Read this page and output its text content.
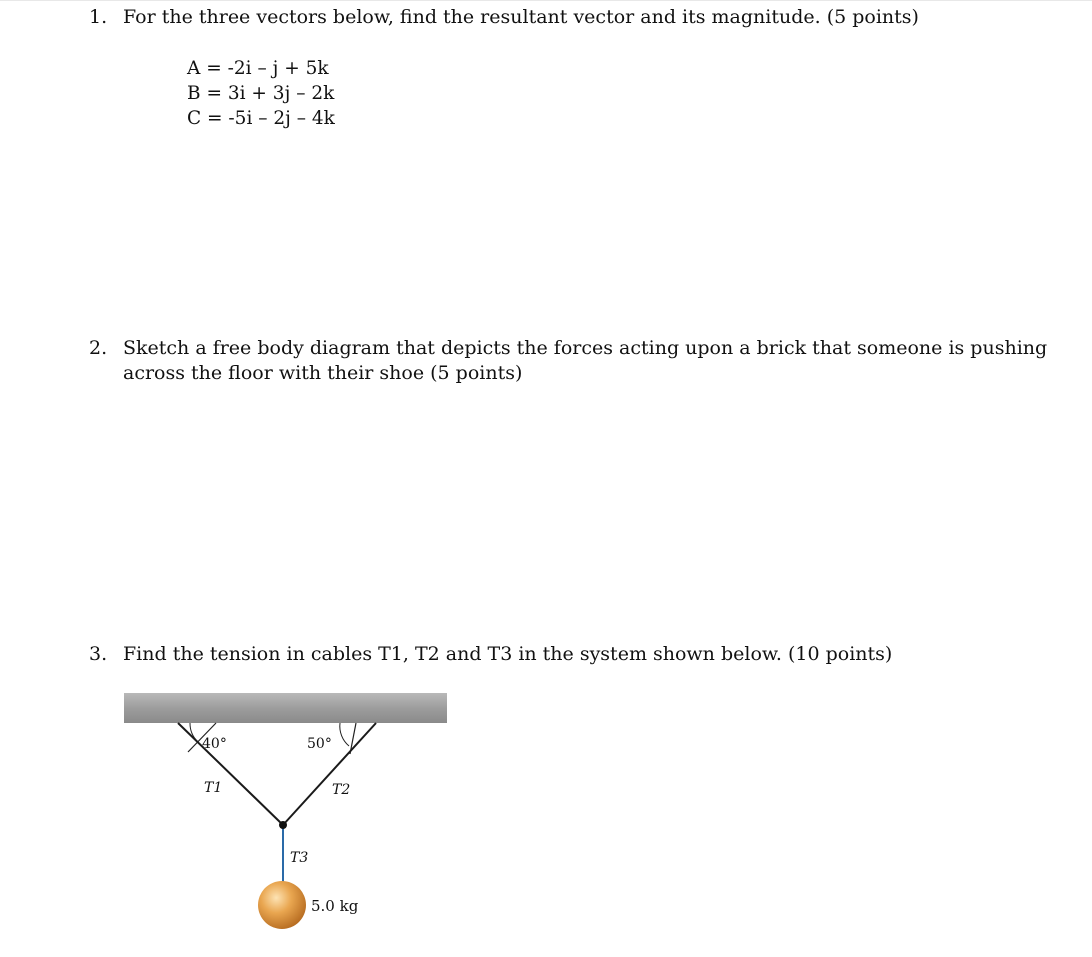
1. For the three vectors below, find the resultant vector and its magnitude. (5 points)
A = -2i – j + 5k
B = 3i + 3j – 2k
C = -5i – 2j – 4k
2. Sketch a free body diagram that depicts the forces acting upon a brick that someone is pushing
across the floor with their shoe (5 points)
3. Find the tension in cables T1, T2 and T3 in the system shown below. (10 points)
40°	50°
T1	T2
T3
5.0 kg
